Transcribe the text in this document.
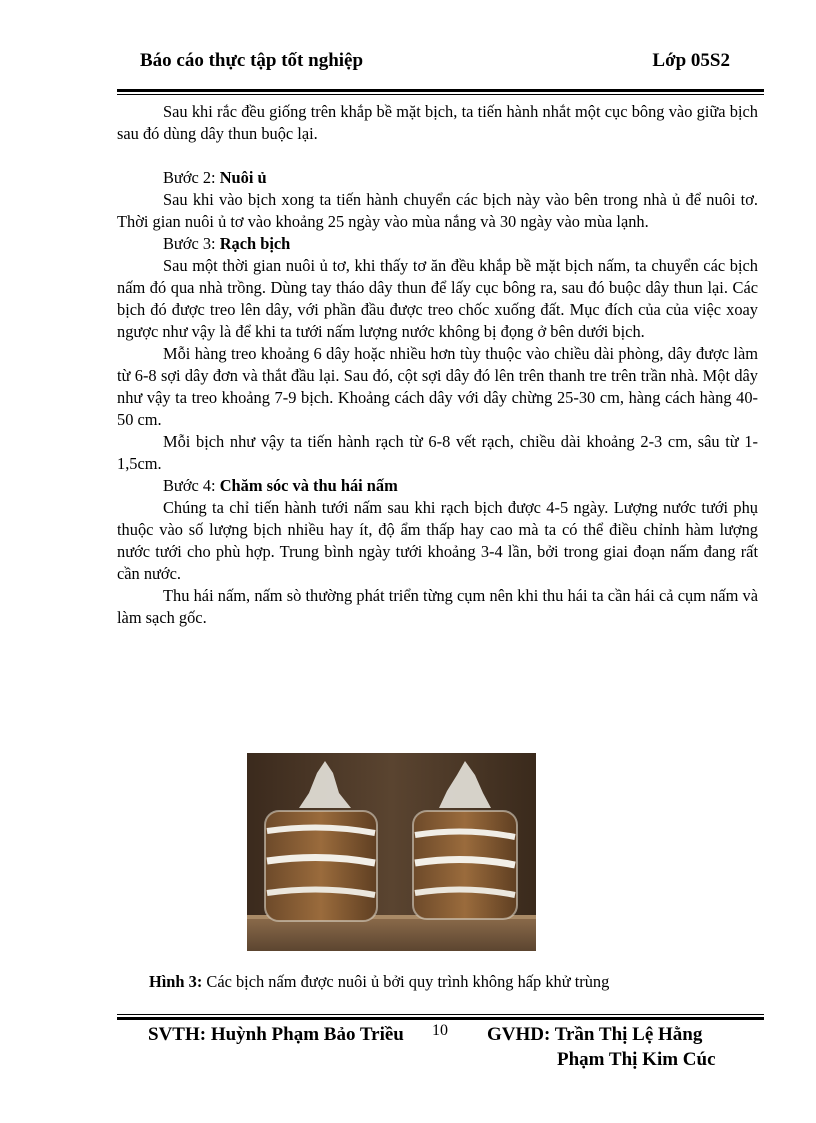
Báo cáo thực tập tốt nghiệp	Lớp 05S2

Sau khi rắc đều giống trên khắp bề mặt bịch, ta tiến hành nhắt một cục bông vào giữa bịch sau đó dùng dây thun buộc lại.

Bước 2: Nuôi ủ

Sau khi vào bịch xong ta tiến hành chuyển các bịch này vào bên trong nhà ủ để nuôi tơ. Thời gian nuôi ủ tơ vào khoảng 25 ngày vào mùa nắng và 30 ngày vào mùa lạnh.

Bước 3: Rạch bịch

Sau một thời gian nuôi ủ tơ, khi thấy tơ ăn đều khắp bề mặt bịch nấm, ta chuyển các bịch nấm đó qua nhà trồng. Dùng tay tháo dây thun để lấy cục bông ra, sau đó buộc dây thun lại. Các bịch đó được treo lên dây, với phần đầu được treo chốc xuống đất. Mục đích của của việc xoay ngược như vậy là để khi ta tưới nấm lượng nước không bị đọng ở bên dưới bịch.

Mỗi hàng treo khoảng 6 dây hoặc nhiều hơn tùy thuộc vào chiều dài phòng, dây được làm từ 6-8 sợi dây đơn và thắt đầu lại. Sau đó, cột sợi dây đó lên trên thanh tre trên trần nhà. Một dây như vậy ta treo khoảng 7-9 bịch. Khoảng cách dây với dây chừng 25-30 cm, hàng cách hàng 40-50 cm.

Mỗi bịch như vậy ta tiến hành rạch từ 6-8 vết rạch, chiều dài khoảng 2-3 cm, sâu từ 1-1,5cm.

Bước 4: Chăm sóc và thu hái nấm

Chúng ta chỉ tiến hành tưới nấm sau khi rạch bịch được 4-5 ngày. Lượng nước tưới phụ thuộc vào số lượng bịch nhiều hay ít, độ ẩm thấp hay cao mà ta có thể điều chỉnh hàm lượng nước tưới cho phù hợp. Trung bình ngày tưới khoảng 3-4 lần, bởi trong giai đoạn nấm đang rất cần nước.

Thu hái nấm, nấm sò thường phát triển từng cụm nên khi thu hái ta cần hái cả cụm nấm và làm sạch gốc.

Hình 3: Các bịch nấm được nuôi ủ bởi quy trình không hấp khử trùng
SVTH: Huỳnh Phạm Bảo Triều 10 GVHD: Trần Thị Lệ Hằng
Phạm Thị Kim Cúc
